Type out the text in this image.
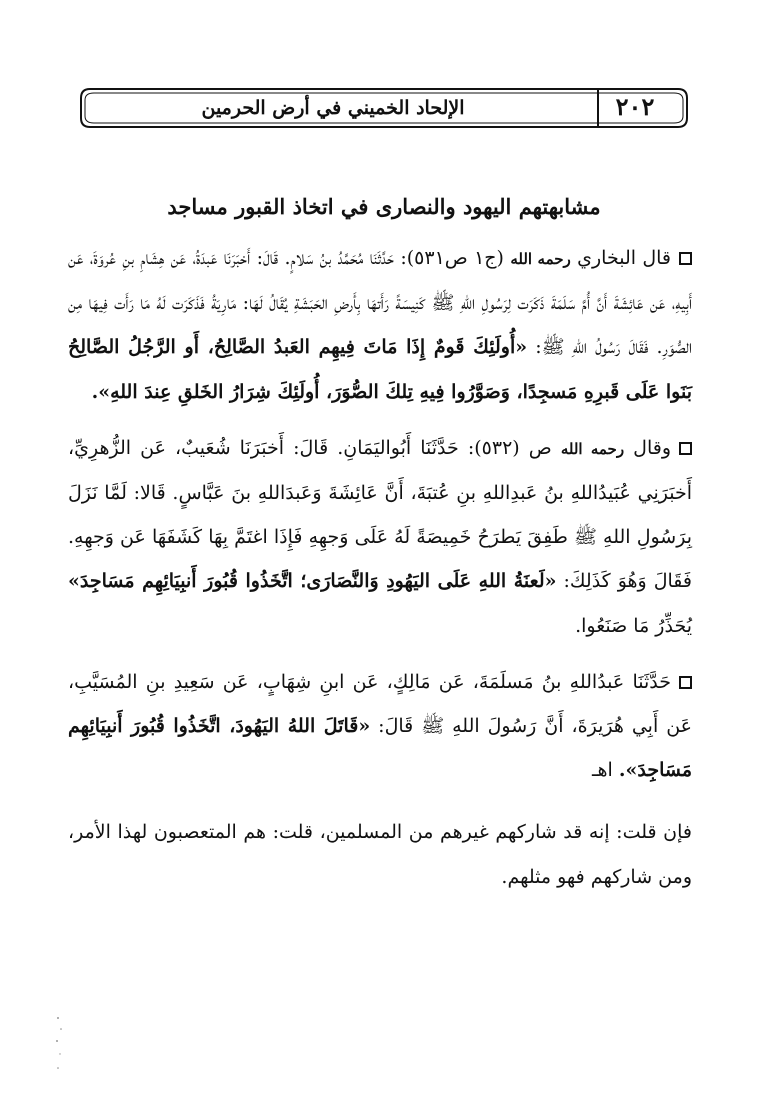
٢٠٢
الإلحاد الخميني في أرض الحرمين
مشابهتهم اليهود والنصارى في اتخاذ القبور مساجد

قال البخاري رحمه الله (ج١ ص٥٣١): حَدَّثَنَا مُحَمَّدُ بنُ سَلامٍ. قَالَ: أَخبَرَنَا عَبدَةُ، عَن هِشَامِ بنِ عُروَةَ، عَن أَبِيهِ، عَن عَائِشَةَ أَنَّ أُمَّ سَلَمَةَ ذَكَرَت لِرَسُولِ اللهِ ﷺ كَنِيسَةً رَأَتهَا بِأَرضِ الحَبَشَةِ يُقَالُ لَهَا: مَارِيَةُ فَذَكَرَت لَهُ مَا رَأَت فِيهَا مِن الصُّوَرِ. فَقَالَ رَسُولُ اللهِ ﷺ: «أُولَئِكَ قَومٌ إِذَا مَاتَ فِيهِم العَبدُ الصَّالِحُ، أَو الرَّجُلُ الصَّالِحُ بَنَوا عَلَى قَبرِهِ مَسجِدًا، وَصَوَّرُوا فِيهِ تِلكَ الصُّوَرَ، أُولَئِكَ شِرَارُ الخَلقِ عِندَ اللهِ».

وقال رحمه الله ص (٥٣٢): حَدَّثَنَا أَبُواليَمَانِ. قَالَ: أَخبَرَنَا شُعَيبٌ، عَن الزُّهرِيِّ، أَخبَرَنِي عُبَيدُاللهِ بنُ عَبدِاللهِ بنِ عُتبَةَ، أَنَّ عَائِشَةَ وَعَبدَاللهِ بنَ عَبَّاسٍ. قَالا: لَمَّا نَزَلَ بِرَسُولِ اللهِ ﷺ طَفِقَ يَطرَحُ خَمِيصَةً لَهُ عَلَى وَجهِهِ فَإِذَا اغتَمَّ بِهَا كَشَفَهَا عَن وَجهِهِ. فَقَالَ وَهُوَ كَذَلِكَ: «لَعنَةُ اللهِ عَلَى اليَهُودِ وَالنَّصَارَى؛ اتَّخَذُوا قُبُورَ أَنبِيَائِهِم مَسَاجِدَ» يُحَذِّرُ مَا صَنَعُوا.

حَدَّثَنَا عَبدُاللهِ بنُ مَسلَمَةَ، عَن مَالِكٍ، عَن ابنِ شِهَابٍ، عَن سَعِيدِ بنِ المُسَيَّبِ، عَن أَبِي هُرَيرَةَ، أَنَّ رَسُولَ اللهِ ﷺ قَالَ: «قَاتَلَ اللهُ اليَهُودَ، اتَّخَذُوا قُبُورَ أَنبِيَائِهِم مَسَاجِدَ». اهـ

فإن قلت: إنه قد شاركهم غيرهم من المسلمين، قلت: هم المتعصبون لهذا الأمر، ومن شاركهم فهو مثلهم.
